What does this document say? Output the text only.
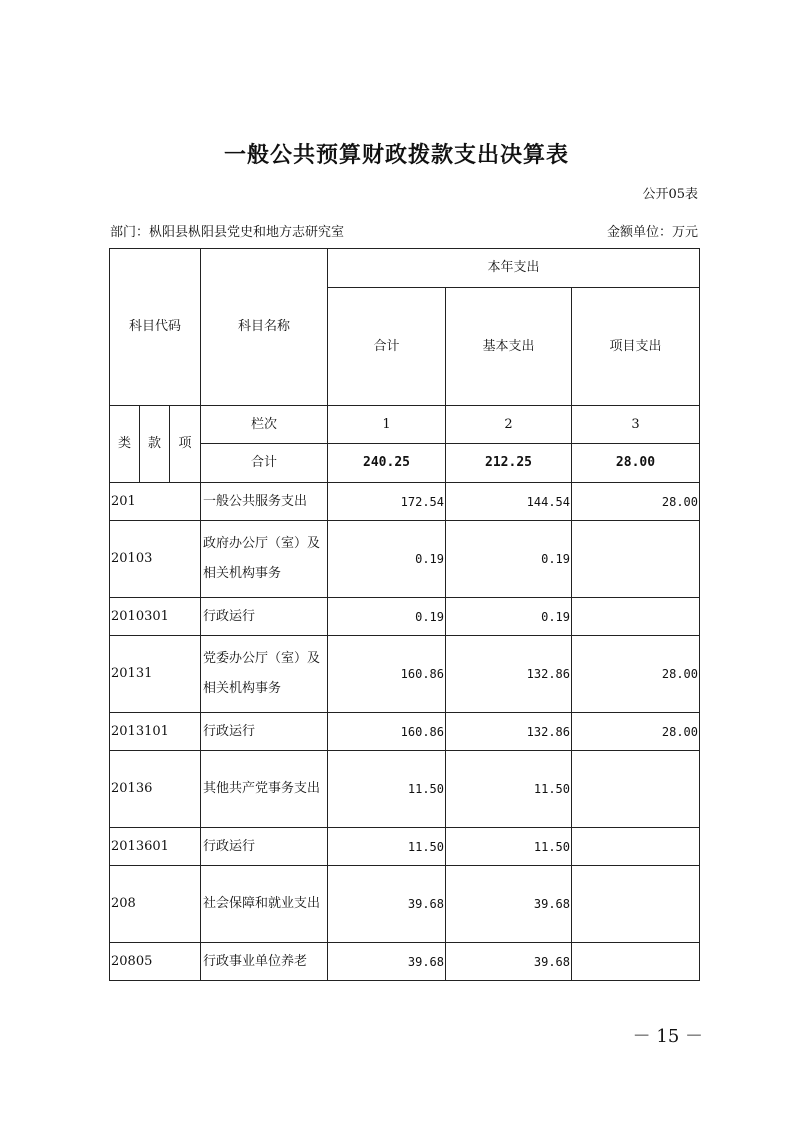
一般公共预算财政拨款支出决算表
公开05表
部门：枞阳县枞阳县党史和地方志研究室	金额单位：万元
科目代码			科目名称	本年支出		
				合计	基本支出	项目支出
类	款	项	栏次	1	2	3
			合计	240.25	212.25	28.00
201			一般公共服务支出	172.54	144.54	28.00
20103			政府办公厅（室）及相关机构事务	0.19	0.19	
2010301			行政运行	0.19	0.19	
20131			党委办公厅（室）及相关机构事务	160.86	132.86	28.00
2013101			行政运行	160.86	132.86	28.00
20136			其他共产党事务支出	11.50	11.50	
2013601			行政运行	11.50	11.50	
208			社会保障和就业支出	39.68	39.68	
20805			行政事业单位养老	39.68	39.68	
－ 15 －
